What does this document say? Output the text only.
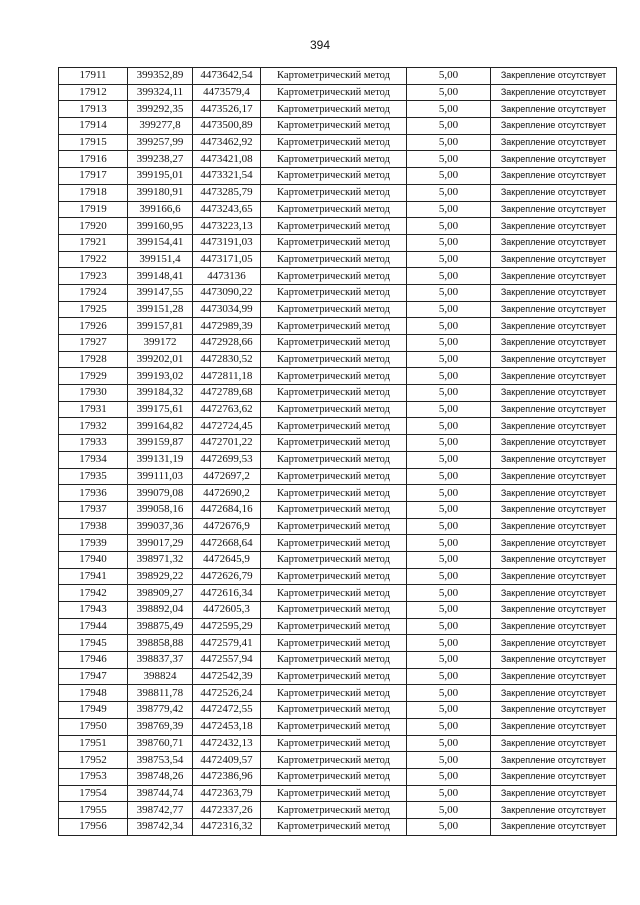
394
17911	399352,89	4473642,54	Картометрический метод	5,00	Закрепление отсутствует
17912	399324,11	4473579,4	Картометрический метод	5,00	Закрепление отсутствует
17913	399292,35	4473526,17	Картометрический метод	5,00	Закрепление отсутствует
17914	399277,8	4473500,89	Картометрический метод	5,00	Закрепление отсутствует
17915	399257,99	4473462,92	Картометрический метод	5,00	Закрепление отсутствует
17916	399238,27	4473421,08	Картометрический метод	5,00	Закрепление отсутствует
17917	399195,01	4473321,54	Картометрический метод	5,00	Закрепление отсутствует
17918	399180,91	4473285,79	Картометрический метод	5,00	Закрепление отсутствует
17919	399166,6	4473243,65	Картометрический метод	5,00	Закрепление отсутствует
17920	399160,95	4473223,13	Картометрический метод	5,00	Закрепление отсутствует
17921	399154,41	4473191,03	Картометрический метод	5,00	Закрепление отсутствует
17922	399151,4	4473171,05	Картометрический метод	5,00	Закрепление отсутствует
17923	399148,41	4473136	Картометрический метод	5,00	Закрепление отсутствует
17924	399147,55	4473090,22	Картометрический метод	5,00	Закрепление отсутствует
17925	399151,28	4473034,99	Картометрический метод	5,00	Закрепление отсутствует
17926	399157,81	4472989,39	Картометрический метод	5,00	Закрепление отсутствует
17927	399172	4472928,66	Картометрический метод	5,00	Закрепление отсутствует
17928	399202,01	4472830,52	Картометрический метод	5,00	Закрепление отсутствует
17929	399193,02	4472811,18	Картометрический метод	5,00	Закрепление отсутствует
17930	399184,32	4472789,68	Картометрический метод	5,00	Закрепление отсутствует
17931	399175,61	4472763,62	Картометрический метод	5,00	Закрепление отсутствует
17932	399164,82	4472724,45	Картометрический метод	5,00	Закрепление отсутствует
17933	399159,87	4472701,22	Картометрический метод	5,00	Закрепление отсутствует
17934	399131,19	4472699,53	Картометрический метод	5,00	Закрепление отсутствует
17935	399111,03	4472697,2	Картометрический метод	5,00	Закрепление отсутствует
17936	399079,08	4472690,2	Картометрический метод	5,00	Закрепление отсутствует
17937	399058,16	4472684,16	Картометрический метод	5,00	Закрепление отсутствует
17938	399037,36	4472676,9	Картометрический метод	5,00	Закрепление отсутствует
17939	399017,29	4472668,64	Картометрический метод	5,00	Закрепление отсутствует
17940	398971,32	4472645,9	Картометрический метод	5,00	Закрепление отсутствует
17941	398929,22	4472626,79	Картометрический метод	5,00	Закрепление отсутствует
17942	398909,27	4472616,34	Картометрический метод	5,00	Закрепление отсутствует
17943	398892,04	4472605,3	Картометрический метод	5,00	Закрепление отсутствует
17944	398875,49	4472595,29	Картометрический метод	5,00	Закрепление отсутствует
17945	398858,88	4472579,41	Картометрический метод	5,00	Закрепление отсутствует
17946	398837,37	4472557,94	Картометрический метод	5,00	Закрепление отсутствует
17947	398824	4472542,39	Картометрический метод	5,00	Закрепление отсутствует
17948	398811,78	4472526,24	Картометрический метод	5,00	Закрепление отсутствует
17949	398779,42	4472472,55	Картометрический метод	5,00	Закрепление отсутствует
17950	398769,39	4472453,18	Картометрический метод	5,00	Закрепление отсутствует
17951	398760,71	4472432,13	Картометрический метод	5,00	Закрепление отсутствует
17952	398753,54	4472409,57	Картометрический метод	5,00	Закрепление отсутствует
17953	398748,26	4472386,96	Картометрический метод	5,00	Закрепление отсутствует
17954	398744,74	4472363,79	Картометрический метод	5,00	Закрепление отсутствует
17955	398742,77	4472337,26	Картометрический метод	5,00	Закрепление отсутствует
17956	398742,34	4472316,32	Картометрический метод	5,00	Закрепление отсутствует
